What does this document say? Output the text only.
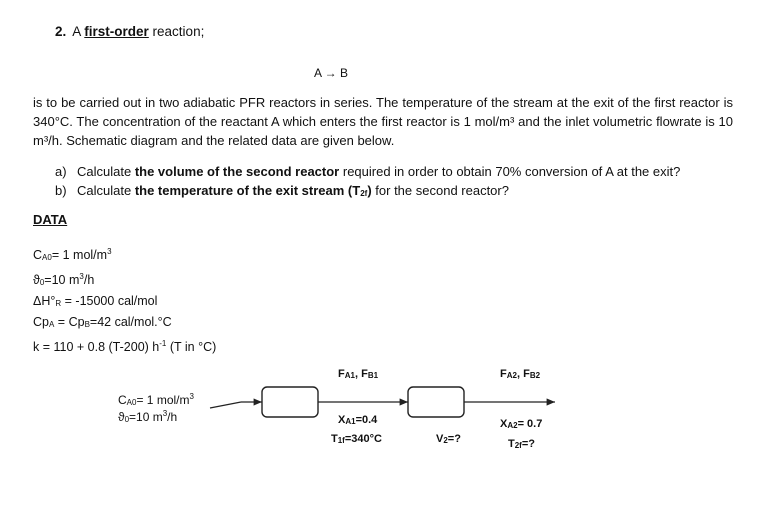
2. A first-order reaction;
A → B
is to be carried out in two adiabatic PFR reactors in series. The temperature of the stream at the exit of the first reactor is 340°C. The concentration of the reactant A which enters the first reactor is 1 mol/m³ and the inlet volumetric flowrate is 10 m³/h. Schematic diagram and the related data are given below.
a) Calculate the volume of the second reactor required in order to obtain 70% conversion of A at the exit?
b) Calculate the temperature of the exit stream (T2f) for the second reactor?
DATA
CA0= 1 mol/$m^3$
ϑ0=10 $m^3/h$
ΔH°R = -15000 cal/mol
CpA = CpB=42 cal/mol.°C
k = 110 + 0.8 (T-200) $h^{-1}$ (T in °C)
CA0= 1 mol/$m^3$
ϑ0=10 $m^3/h$
FA1, FB1
XA1=0.4
T1f=340°C	V2=?
FA2, FB2
XA2= 0.7
T2f=?
